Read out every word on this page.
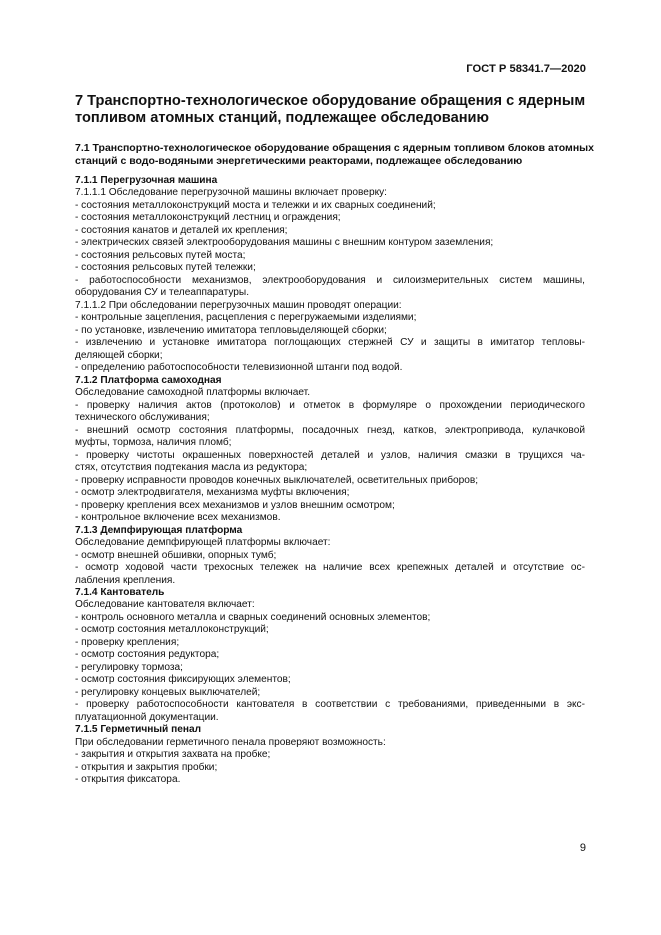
ГОСТ Р 58341.7—2020
7 Транспортно-технологическое оборудование обращения с ядерным топливом атомных станций, подлежащее обследованию
7.1 Транспортно-технологическое оборудование обращения с ядерным топливом блоков атомных станций с водо-водяными энергетическими реакторами, подлежащее обследованию

7.1.1 Перегрузочная машина

7.1.1.1 Обследование перегрузочной машины включает проверку:

- состояния металлоконструкций моста и тележки и их сварных соединений;

- состояния металлоконструкций лестниц и ограждения;

- состояния канатов и деталей их крепления;

- электрических связей электрооборудования машины с внешним контуром заземления;

- состояния рельсовых путей моста;

- состояния рельсовых путей тележки;

- работоспособности механизмов, электрооборудования и силоизмерительных систем машины,

оборудования СУ и телеаппаратуры.

7.1.1.2 При обследовании перегрузочных машин проводят операции:

- контрольные зацепления, расцепления с перегружаемыми изделиями;

- по установке, извлечению имитатора тепловыделяющей сборки;

- извлечению и установке имитатора поглощающих стержней СУ и защиты в имитатор тепловы-

деляющей сборки;

- определению работоспособности телевизионной штанги под водой.

7.1.2 Платформа самоходная

Обследование самоходной платформы включает.

- проверку наличия актов (протоколов) и отметок в формуляре о прохождении периодического

технического обслуживания;

- внешний осмотр состояния платформы, посадочных гнезд, катков, электропривода, кулачковой

муфты, тормоза, наличия пломб;

- проверку чистоты окрашенных поверхностей деталей и узлов, наличия смазки в трущихся ча-

стях, отсутствия подтекания масла из редуктора;

- проверку исправности проводов конечных выключателей, осветительных приборов;

- осмотр электродвигателя, механизма муфты включения;

- проверку крепления всех механизмов и узлов внешним осмотром;

- контрольное включение всех механизмов.

7.1.3 Демпфирующая платформа

Обследование демпфирующей платформы включает:

- осмотр внешней обшивки, опорных тумб;

- осмотр ходовой части трехосных тележек на наличие всех крепежных деталей и отсутствие ос-

лабления крепления.

7.1.4 Кантователь

Обследование кантователя включает:

- контроль основного металла и сварных соединений основных элементов;

- осмотр состояния металлоконструкций;

- проверку крепления;

- осмотр состояния редуктора;

- регулировку тормоза;

- осмотр состояния фиксирующих элементов;

- регулировку концевых выключателей;

- проверку работоспособности кантователя в соответствии с требованиями, приведенными в экс-

плуатационной документации.

7.1.5 Герметичный пенал

При обследовании герметичного пенала проверяют возможность:

- закрытия и открытия захвата на пробке;

- открытия и закрытия пробки;

- открытия фиксатора.

9
